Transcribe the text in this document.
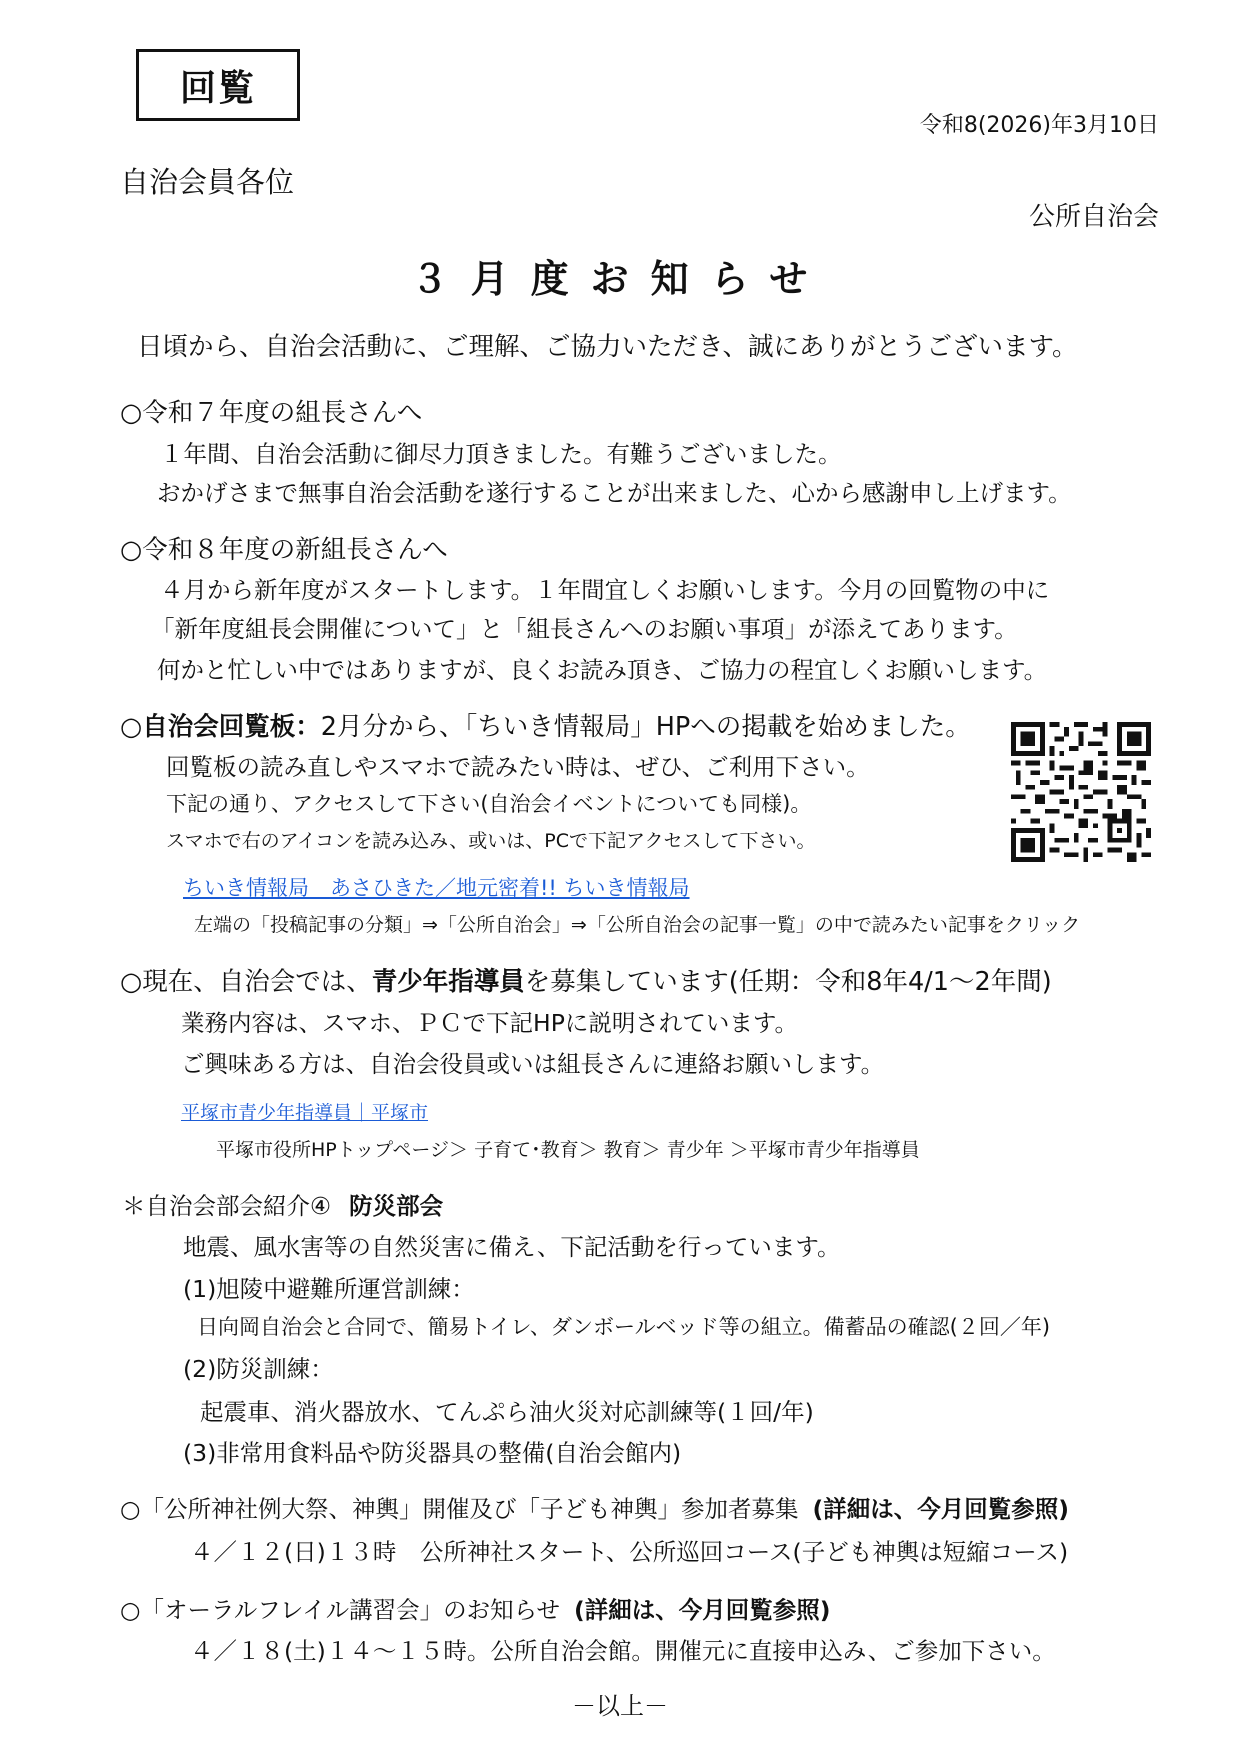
回覧
令和8(2026)年3月10日
自治会員各位
公所自治会
３月度お知らせ
日頃から、自治会活動に、ご理解、ご協力いただき、誠にありがとうございます。
○令和７年度の組長さんへ
１年間、自治会活動に御尽力頂きました。有難うございました。
おかげさまで無事自治会活動を遂行することが出来ました、心から感謝申し上げます。
○令和８年度の新組長さんへ
４月から新年度がスタートします。１年間宜しくお願いします。今月の回覧物の中に
「新年度組長会開催について」と「組長さんへのお願い事項」が添えてあります。
何かと忙しい中ではありますが、良くお読み頂き、ご協力の程宜しくお願いします。
○自治会回覧板：2月分から、「ちいき情報局」HPへの掲載を始めました。
回覧板の読み直しやスマホで読みたい時は、ぜひ、ご利用下さい。
下記の通り、アクセスして下さい(自治会イベントについても同様)。
スマホで右のアイコンを読み込み、或いは、PCで下記アクセスして下さい。
ちいき情報局　あさひきた／地元密着!! ちいき情報局
左端の「投稿記事の分類」⇒「公所自治会」⇒「公所自治会の記事一覧」の中で読みたい記事をクリック
○現在、自治会では、青少年指導員を募集しています(任期：令和8年4/1～2年間)
業務内容は、スマホ、ＰＣで下記HPに説明されています。
ご興味ある方は、自治会役員或いは組長さんに連絡お願いします。
平塚市青少年指導員｜平塚市
平塚市役所HPトップページ＞ 子育て･教育＞ 教育＞ 青少年 ＞平塚市青少年指導員
＊自治会部会紹介④ 防災部会
地震、風水害等の自然災害に備え、下記活動を行っています。
(1)旭陵中避難所運営訓練：
日向岡自治会と合同で、簡易トイレ、ダンボールベッド等の組立。備蓄品の確認(２回／年)
(2)防災訓練：
起震車、消火器放水、てんぷら油火災対応訓練等(１回/年)
(3)非常用食料品や防災器具の整備(自治会館内)
○「公所神社例大祭、神輿」開催及び「子ども神輿」参加者募集 (詳細は、今月回覧参照)
４／１２(日)１３時　公所神社スタート、公所巡回コース(子ども神輿は短縮コース)
○「オーラルフレイル講習会」のお知らせ (詳細は、今月回覧参照)
４／１８(土)１４～１５時。公所自治会館。開催元に直接申込み、ご参加下さい。
－以上－
